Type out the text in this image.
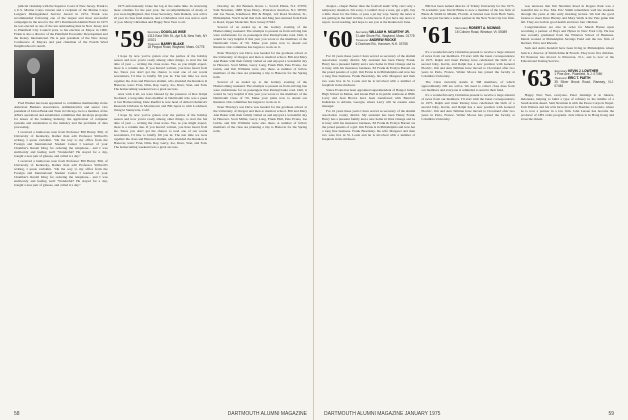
judicial clerkship with the Superior Court of New Jersey. Frank is a U.S. Marine Corps veteran and a recipient of the Marine Corps League's Distinguished Service Award in 1974. Frank was recommended following one of the largest and most successful campaigns in the area for the 1971 Dartmouth Alumni Fund. In 1973 he was elected as one of the ten outstanding men in New Jersey and to Plainfield City Council prior to his election as Mayor in 1966. Frank is also a director of the Plainfield Economic Development and the Rotary International. He is past president of the New Jersey Conference of Mayors and past chairman of the Fourth Ward Neighborhood Council.

Fred Plumer has been appointed to committee membership in the American Bankers Association. Administrative and senior vice president of Union Bank and Trust in Chicago, he is a member of the ABA's operations and automation committee that develops programs for issues of the banking industry, the application of computer systems and automation to the industry and the problems of data processing.

I received a humorous note from Professor Bill Henry. Bill, of University of Kentucky, Rather than edit Professor Stillwell's writing, I quote verbatim. "On the way to my office from the Foreign and International Student Center I learned of your Chamber's Rexall Drug for ordering the telephone... and I was stubbornly and feeling well: 'Wonderful!' He stayed for a day, bought a new pair of glasses, and called it a day."

I received a humorous note from Professor Bill Henry. Bill, of University of Kentucky, Rather than edit Professor Stillwell's writing, I quote verbatim. "On the way to my office from the Foreign and International Student Center I learned of your Chamber's Rexall Drug for ordering the telephone... and I was stubbornly and feeling well: 'Wonderful!' He stayed for a day, bought a new pair of glasses, and called it a day."

1975 unfortunately broke her leg at the same time. In reviewing these columns for the past year, the accomplishments of many of you were highlighted. Our Class Secretary, Sam Daniels, was active all year in class fund matters, and a Christmas card was sent to each of you. Merry Christmas and Happy New Year to all.

'59 Secretary DOUGLAS WISE
1313 East 76th St., Apt 5-B, New York, NY 10021
Treasurer BARRY BLAKE
18 Pequot Road, Wayland, Mass. 01778

I hope by now you've gotten over the parties of the holiday season and now you're ready among other things, to start the fun time of year — writing the class notes. Yes, as you might expect, there is a column due. If you haven't written, you have heard from me. Since you don't get the chance to read one of our recent newsletters, I'd like to briefly fill you in. The last time we were together the class and Hanover alumni, who attended the Reunion in Hanover, were: Fran, Dick, Ray, Gerry, Joe, Dave, Stan, and Tom. The homecoming weekend was a great success.

And, with it all, we were blessed by the presence of Rev. Ralph Stoddard, a long-time class member at Dartmouth who was a guest at last Homecoming. Dale Rueffel is now head of Allied Chemical's Research Division in Morristown and Bill Ayers is with Lockheed, living in Sunnyvale, Calif.

I hope by now you've gotten over the parties of the holiday season and now you're ready among other things, to start the fun time of year — writing the class notes. Yes, as you might expect, there is a column due. If you haven't written, you have heard from me. Since you don't get the chance to read one of our recent newsletters, I'd like to briefly fill you in. The last time we were together the class and Hanover alumni, who attended the Reunion in Hanover, were: Fran, Dick, Ray, Gerry, Joe, Dave, Stan, and Tom. The homecoming weekend was a great success.

Dorothy, Al, Pat Bennett, Route 1, Scotch Plains, N.J. 07076; Sam Newman, 1688 Tyree Pkwy., Princeton Junction, N.J. 08550; and Joe Nason, Kindhood, Bill & Brigid, 122 Road Stockton, St., Philadelphia. You'll recall that Jack and Meg just returned from Paris to Road, Upper Montclair, New Jersey 07043.

Several of us ended up at the Gallery evening of the Homecoming weekend. The attempts to present us from arriving late were unfortunate for us passengers that Pennsylvania road. Dell, it would be very helpful if this year you wrote to the members of the Dartmouth Class of '59. Make your plans now to attend our Reunion. Our committee has begun to work on it.

Peter Hawley's son Dave was headed for the graduate school at the University of Oregon and then to medical school. Bill and Mary Ann Baker with their family visited us and enjoyed a wonderful day in Hanover. Scott Miller, Gerry Long, Frank Hall, Pete Evans, Joe Lubin, and Jim Williams were also there. A number of fellow members of the class are planning a trip to Hanover for the Spring term.

Several of us ended up at the Gallery evening of the Homecoming weekend. The attempts to present us from arriving late were unfortunate for us passengers that Pennsylvania road. Dell, it would be very helpful if this year you wrote to the members of the Dartmouth Class of '59. Make your plans now to attend our Reunion. Our committee has begun to work on it.

Peter Hawley's son Dave was headed for the graduate school at the University of Oregon and then to medical school. Bill and Mary Ann Baker with their family visited us and enjoyed a wonderful day in Hanover. Scott Miller, Gerry Long, Frank Hall, Pete Evans, Joe Lubin, and Jim Williams were also there. A number of fellow members of the class are planning a trip to Hanover for the Spring term.

58	DARTMOUTH ALUMNI MAGAZINE

chapter—chaps! Better than the football team! Why can't only a temporary situation. I'm sorry, I couldn't drop a note, get a gift, buy a little cheer for the folks, or pass a jet my way. Surely the news is not getting in the mail in time. Let me know if you have any news to report. Good reading, and hope to see you at the Reunion in June.

'60 Secretary WILLIAM H. MCARTHY JR.
3 Lake Shore Rd., Wayland, Mass. 01778
Treasurer ANDREW ROCKE
6 Dunham Rd., Hanover, N.H. 03755

For 16 years these years I have served as secretary of the alumni association county district. My assistant has been Henry Frank. Harry has a pleasant family and a new home in West Orange and he is busy with his insurance business. Ed Frank & Evelyn Barrett are the proud parents of a girl. Jim Evans is in Philadelphia and now has a long fine business. Frank Beardsley, his wife Margaret and their two sons live in St. Louis and he is involved with a number of hospitals in the midwest.

Vance Evans has been appointed superintendent of Bangor Junior High School in Maine, and Glenn Hall is in public relations at IBM. Larry and Jean Brown have been transferred with Bancroft Industries to Atlanta, Georgia, where Larry will be eastern sales manager.

For 16 years these years I have served as secretary of the alumni association county district. My assistant has been Henry Frank. Harry has a pleasant family and a new home in West Orange and he is busy with his insurance business. Ed Frank & Evelyn Barrett are the proud parents of a girl. Jim Evans is in Philadelphia and now has a long fine business. Frank Beardsley, his wife Margaret and their two sons live in St. Louis and he is involved with a number of hospitals in the midwest.

Bill has been named director of Trinity University for the 1975-76 academic year. David Blake is now a member of the law firm of Black & Smith in Miami, Florida. A belated note from Herb Stein, who has just become a senior partner in the New York City law firm.

'61 Secretary ROBERT A. MCINNIS
15 Coburn Road, Windsor, Vt. 05089

It's a wonderful early Christmas present to receive a large amount of news from our members. I'll start with the latest correspondence in 1975. Ralph and Janet Parsley have celebrated the birth of a second baby, Kevin, and Ralph has a new position with General Electric. Jim and Ann Tallman have moved to Cleveland after two years in Paris, France. Walter Moore has joined the faculty at Columbia University.

The Class currently stands at 368 members, of which approximately 200 are active. We need to collect class dues from our members and everyone is reminded to send in their fund.

It's a wonderful early Christmas present to receive a large amount of news from our members. I'll start with the latest correspondence in 1975. Ralph and Janet Parsley have celebrated the birth of a second baby, Kevin, and Ralph has a new position with General Electric. Jim and Ann Tallman have moved to Cleveland after two years in Paris, France. Walter Moore has joined the faculty at Columbia University.

was unaware that Jim Sheridan Road in Rogers Park was a beautiful site to live. Mrs. Eric Smith remembers well the students through the years at this early morning lecture. We had the good fortune to meet Dave Huxley and Mary Wells at the Yale game this fall. They are both in good health and have four children.

Congratulations are also in order for Marsh Hynes upon becoming a partner of Hays and Hynes in New York City. He has also recently graduated from the Wharton School of Business. Marsh worked at Philadelphia Savings Fund and the law firm of Dechert, Price and Rhoads.

Sam and Anita Kendall have been living in Philadelphia where Sam is a director of Smith Kline & French. They have five children. Ed Peterson has moved to Princeton, N.J., and is now at the Educational Testing Service.

'63 Secretary KEVIN J. LOWTHER
1 Pine Ave., Plainfield, N.J. 07060
Treasurer ERIC T. PAETH
35 Silver Brook Road, Ramsey, N.J. 07446

Happy New Year, everyone. Peter Jennings is in Jakarta, Indonesia, helping to build a type of refinery in the middle of a Saudi Arabia desert. Sam Newman is with the Peace Corps in Nepal. Tom Walters and his wife have moved to Boulder, Colorado, where he is now a partner in a law firm. John Larsen has become the producer of CBS radio programs. Jack Olson is in Hong Kong and loves the Orient.

DARTMOUTH ALUMNI MAGAZINE JANUARY 1975	59
